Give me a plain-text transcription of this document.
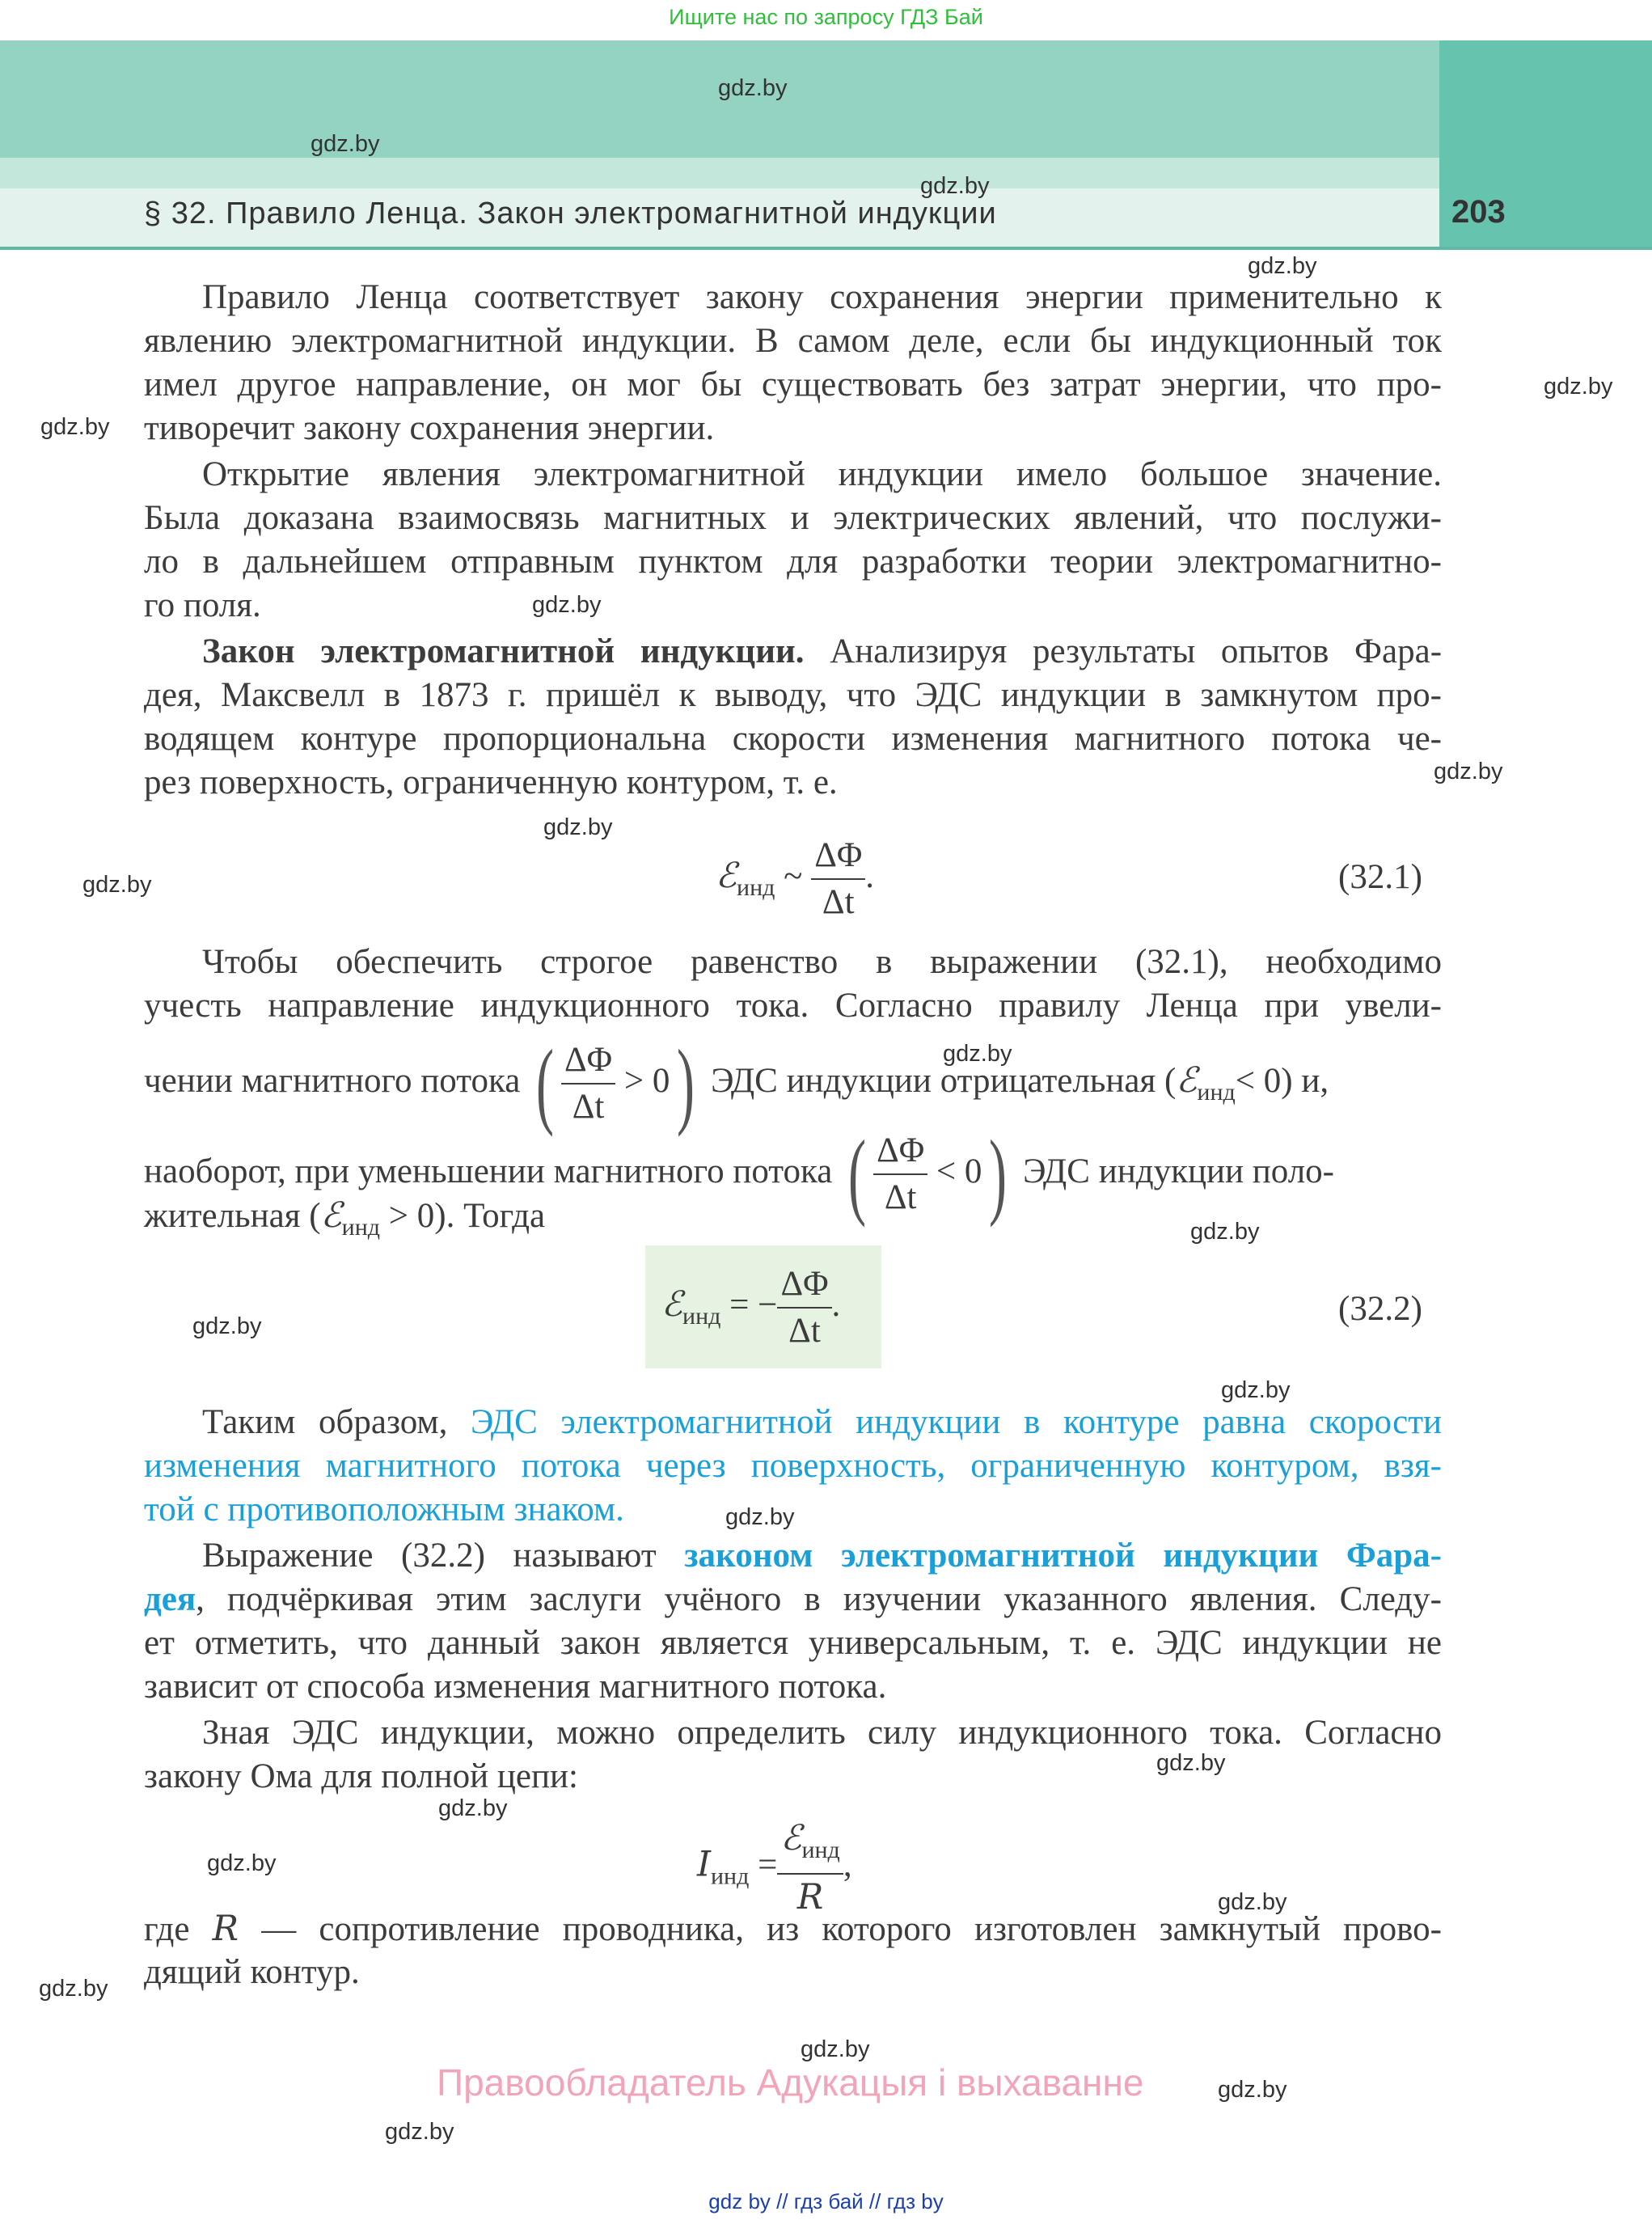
Ищите нас по запросу ГДЗ Бай
§ 32. Правило Ленца. Закон электромагнитной индукции	203
Правило Ленца соответствует закону сохранения энергии применительно к
явлению электромагнитной индукции. В самом деле, если бы индукционный ток
имел другое направление, он мог бы существовать без затрат энергии, что про-
тиворечит закону сохранения энергии.
Открытие явления электромагнитной индукции имело большое значение.
Была доказана взаимосвязь магнитных и электрических явлений, что послужи-
ло в дальнейшем отправным пунктом для разработки теории электромагнитно-
го поля.
Закон электромагнитной индукции. Анализируя результаты опытов Фара-
дея, Максвелл в 1873 г. пришёл к выводу, что ЭДС индукции в замкнутом про-
водящем контуре пропорциональна скорости изменения магнитного потока че-
рез поверхность, ограниченную контуром, т. е.
ℰ$_{инд}$ ~ $\frac{\Delta\Phi}{\Delta t}$ .	(32.1)
Чтобы обеспечить строгое равенство в выражении (32.1), необходимо
учесть направление индукционного тока. Согласно правилу Ленца при увели-
чении магнитного потока ( $\frac{\Delta\Phi}{\Delta t} > 0$) ЭДС индукции отрицательная (ℰ$_{инд}$< 0) и,
наоборот, при уменьшении магнитного потока ( $\frac{\Delta\Phi}{\Delta t} < 0$) ЭДС индукции поло-
жительная (ℰ$_{инд}$ > 0). Тогда
ℰ$_{инд}$ = − $\frac{\Delta\Phi}{\Delta t}$ .	(32.2)
Таким образом, ЭДС электромагнитной индукции в контуре равна скорости
изменения магнитного потока через поверхность, ограниченную контуром, взя-
той с противоположным знаком.
Выражение (32.2) называют законом электромагнитной индукции Фара-
дея, подчёркивая этим заслуги учёного в изучении указанного явления. Следу-
ет отметить, что данный закон является универсальным, т. е. ЭДС индукции не
зависит от способа изменения магнитного потока.
Зная ЭДС индукции, можно определить силу индукционного тока. Согласно
закону Ома для полной цепи:
$I_{инд} = \frac{ℰ_{инд}}{R}$ ,
где R — сопротивление проводника, из которого изготовлен замкнутый прово-
дящий контур.
gdz.by
gdz.by
gdz.by
gdz.by
gdz.by
gdz.by
gdz.by
gdz.by
gdz.by
gdz.by
gdz.by
gdz.by
gdz.by
gdz.by
gdz.by
gdz.by
gdz.by
gdz.by
gdz.by
gdz.by
gdz.by
gdz.by
gdz.by
Правообладатель Адукацыя і выхаванне
gdz by // гдз бай // гдз by
